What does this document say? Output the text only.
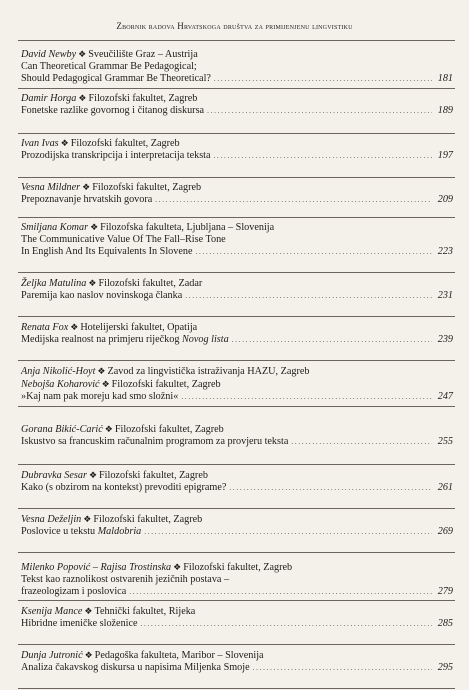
Zbornik radova Hrvatskoga društva za primijenjenu lingvistiku
David Newby ❖ Sveučilište Graz – Austrija
Can Theoretical Grammar Be Pedagogical;
Should Pedagogical Grammar Be Theoretical? . . .	181
Damir Horga ❖ Filozofski fakultet, Zagreb
Fonetske razlike govornog i čitanog diskursa . . .	189
Ivan Ivas ❖ Filozofski fakultet, Zagreb
Prozodijska transkripcija i interpretacija teksta . . .	197
Vesna Mildner ❖ Filozofski fakultet, Zagreb
Prepoznavanje hrvatskih govora . . .	209
Smiljana Komar ❖ Filozofska fakulteta, Ljubljana – Slovenija
The Communicative Value Of The Fall–Rise Tone
In English And Its Equivalents In Slovene . . .	223
Željka Matulina ❖ Filozofski fakultet, Zadar
Paremija kao naslov novinskoga članka . . .	231
Renata Fox ❖ Hotelijerski fakultet, Opatija
Medijska realnost na primjeru riječkog Novog lista . . .	239
Anja Nikolić-Hoyt ❖ Zavod za lingvistička istraživanja HAZU, Zagreb
Nebojša Koharović ❖ Filozofski fakultet, Zagreb
»Kaj nam pak moreju kad smo složni« . . .	247
Gorana Bikić-Carić ❖ Filozofski fakultet, Zagreb
Iskustvo sa francuskim računalnim programom za provjeru teksta . . .	255
Dubravka Sesar ❖ Filozofski fakultet, Zagreb
Kako (s obzirom na kontekst) prevoditi epigrame? . . .	261
Vesna Deželjin ❖ Filozofski fakultet, Zagreb
Poslovice u tekstu Maldobria . . .	269
Milenko Popović – Rajisa Trostinska ❖ Filozofski fakultet, Zagreb
Tekst kao raznolikost ostvarenih jezičnih postava –
frazeologizam i poslovica . . .	279
Ksenija Mance ❖ Tehnički fakultet, Rijeka
Hibridne imeničke složenice . . .	285
Dunja Jutronić ❖ Pedagoška fakulteta, Maribor – Slovenija
Analiza čakavskog diskursa u napisima Miljenka Smoje . . .	295
